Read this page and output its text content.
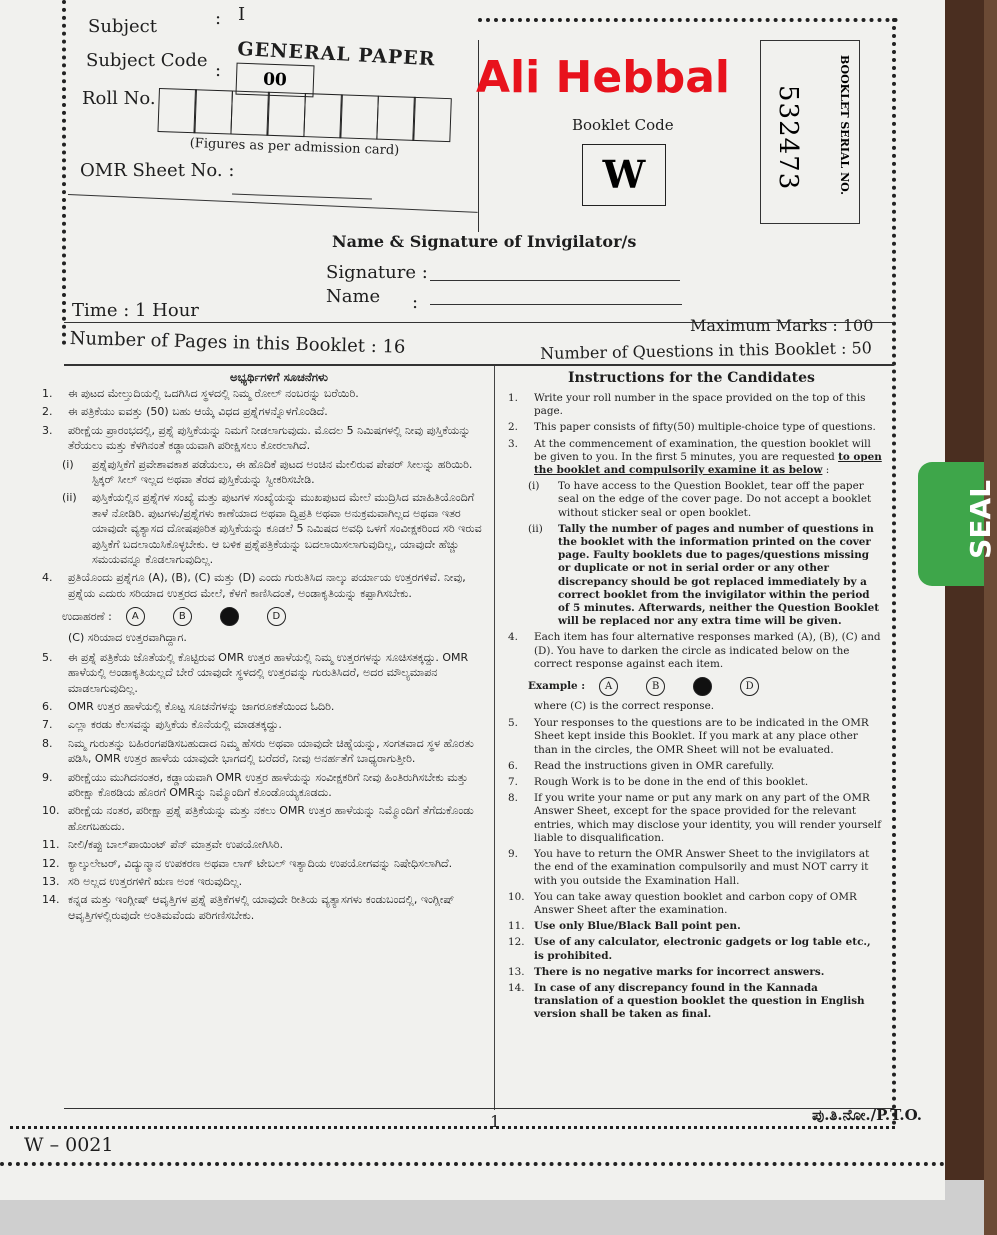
I
Subject	:
GENERAL PAPER
Subject Code :	00
Roll No.
(Figures as per admission card)
OMR Sheet No. :
Ali Hebbal
Booklet Code
W	532473	BOOKLET SERIAL NO.
Name & Signature of Invigilator/s
Signature :
Name :
Time : 1 Hour
Maximum Marks : 100
Number of Pages in this Booklet : 16	Number of Questions in this Booklet : 50
ಅಭ್ಯರ್ಥಿಗಳಿಗೆ ಸೂಚನೆಗಳು
1.	ಈ ಪುಟದ ಮೇಲ್ತುದಿಯಲ್ಲಿ ಒದಗಿಸಿದ ಸ್ಥಳದಲ್ಲಿ ನಿಮ್ಮ ರೋಲ್ ನಂಬರನ್ನು ಬರೆಯಿರಿ.
2.	ಈ ಪತ್ರಿಕೆಯು ಐವತ್ತು (50) ಬಹು ಆಯ್ಕೆ ವಿಧದ ಪ್ರಶ್ನೆಗಳನ್ನೊಳಗೊಂಡಿದೆ.
3.	ಪರೀಕ್ಷೆಯ ಪ್ರಾರಂಭದಲ್ಲಿ, ಪ್ರಶ್ನೆ ಪುಸ್ತಿಕೆಯನ್ನು ನಿಮಗೆ ನೀಡಲಾಗುವುದು. ಮೊದಲ 5 ನಿಮಿಷಗಳಲ್ಲಿ ನೀವು ಪುಸ್ತಿಕೆಯನ್ನು ತೆರೆಯಲು ಮತ್ತು ಕೆಳಗಿನಂತೆ ಕಡ್ಡಾಯವಾಗಿ ಪರೀಕ್ಷಿಸಲು ಕೋರಲಾಗಿದೆ.
(i)	ಪ್ರಶ್ನೆಪುಸ್ತಿಕೆಗೆ ಪ್ರವೇಶಾವಕಾಶ ಪಡೆಯಲು, ಈ ಹೊದಿಕೆ ಪುಟದ ಅಂಚಿನ ಮೇಲಿರುವ ಪೇಪರ್ ಸೀಲನ್ನು ಹರಿಯಿರಿ. ಸ್ಟಿಕ್ಕರ್ ಸೀಲ್ ಇಲ್ಲದ ಅಥವಾ ತೆರದ ಪುಸ್ತಿಕೆಯನ್ನು ಸ್ವೀಕರಿಸಬೇಡಿ.
(ii)	ಪುಸ್ತಿಕೆಯಲ್ಲಿನ ಪ್ರಶ್ನೆಗಳ ಸಂಖ್ಯೆ ಮತ್ತು ಪುಟಗಳ ಸಂಖ್ಯೆಯನ್ನು ಮುಖಪುಟದ ಮೇಲೆ ಮುದ್ರಿಸಿದ ಮಾಹಿತಿಯೊಂದಿಗೆ ತಾಳೆ ನೋಡಿರಿ. ಪುಟಗಳು/ಪ್ರಶ್ನೆಗಳು ಕಾಣೆಯಾದ ಅಥವಾ ದ್ವಿಪ್ರತಿ ಅಥವಾ ಅನುಕ್ರಮವಾಗಿಲ್ಲದ ಅಥವಾ ಇತರ ಯಾವುದೇ ವ್ಯತ್ಯಾಸದ ದೋಷಪೂರಿತ ಪುಸ್ತಿಕೆಯನ್ನು ಕೂಡಲೆ 5 ನಿಮಿಷದ ಅವಧಿ ಒಳಗೆ ಸಂವೀಕ್ಷಕರಿಂದ ಸರಿ ಇರುವ ಪುಸ್ತಿಕೆಗೆ ಬದಲಾಯಿಸಿಕೊಳ್ಳಬೇಕು. ಆ ಬಳಿಕ ಪ್ರಶ್ನೆಪತ್ರಿಕೆಯನ್ನು ಬದಲಾಯಿಸಲಾಗುವುದಿಲ್ಲ, ಯಾವುದೇ ಹೆಚ್ಚು ಸಮಯವನ್ನೂ ಕೊಡಲಾಗುವುದಿಲ್ಲ.
4.	ಪ್ರತಿಯೊಂದು ಪ್ರಶ್ನೆಗೂ (A), (B), (C) ಮತ್ತು (D) ಎಂದು ಗುರುತಿಸಿದ ನಾಲ್ಕು ಪರ್ಯಾಯ ಉತ್ತರಗಳಿವೆ. ನೀವು, ಪ್ರಶ್ನೆಯ ಎದುರು ಸರಿಯಾದ ಉತ್ತರದ ಮೇಲೆ, ಕೆಳಗೆ ಕಾಣಿಸಿದಂತೆ, ಅಂಡಾಕೃತಿಯನ್ನು ಕಪ್ಪಾಗಿಸಬೇಕು.
ಉದಾಹರಣೆ :	A	B	D
(C) ಸರಿಯಾದ ಉತ್ತರವಾಗಿದ್ದಾಗ.
5.	ಈ ಪ್ರಶ್ನೆ ಪತ್ರಿಕೆಯ ಜೊತೆಯಲ್ಲಿ ಕೊಟ್ಟಿರುವ OMR ಉತ್ತರ ಹಾಳೆಯಲ್ಲಿ ನಿಮ್ಮ ಉತ್ತರಗಳನ್ನು ಸೂಚಿಸತಕ್ಕದ್ದು. OMR ಹಾಳೆಯಲ್ಲಿ ಅಂಡಾಕೃತಿಯಲ್ಲದೆ ಬೇರೆ ಯಾವುದೇ ಸ್ಥಳದಲ್ಲಿ ಉತ್ತರವನ್ನು ಗುರುತಿಸಿದರೆ, ಅದರ ಮೌಲ್ಯಮಾಪನ ಮಾಡಲಾಗುವುದಿಲ್ಲ.
6.	OMR ಉತ್ತರ ಹಾಳೆಯಲ್ಲಿ ಕೊಟ್ಟ ಸೂಚನೆಗಳನ್ನು ಜಾಗರೂಕತೆಯಿಂದ ಓದಿರಿ.
7.	ಎಲ್ಲಾ ಕರಡು ಕೆಲಸವನ್ನು ಪುಸ್ತಿಕೆಯ ಕೊನೆಯಲ್ಲಿ ಮಾಡತಕ್ಕದ್ದು.
8.	ನಿಮ್ಮ ಗುರುತನ್ನು ಬಹಿರಂಗಪಡಿಸಬಹುದಾದ ನಿಮ್ಮ ಹೆಸರು ಅಥವಾ ಯಾವುದೇ ಚಿಹ್ನೆಯನ್ನು, ಸಂಗತವಾದ ಸ್ಥಳ ಹೊರತು ಪಡಿಸಿ, OMR ಉತ್ತರ ಹಾಳೆಯ ಯಾವುದೇ ಭಾಗದಲ್ಲಿ ಬರೆದರೆ, ನೀವು ಅನರ್ಹತೆಗೆ ಬಾಧ್ಯರಾಗುತ್ತೀರಿ.
9.	ಪರೀಕ್ಷೆಯು ಮುಗಿದನಂತರ, ಕಡ್ಡಾಯವಾಗಿ OMR ಉತ್ತರ ಹಾಳೆಯನ್ನು ಸಂವೀಕ್ಷಕರಿಗೆ ನೀವು ಹಿಂತಿರುಗಿಸಬೇಕು ಮತ್ತು ಪರೀಕ್ಷಾ ಕೊಠಡಿಯ ಹೊರಗೆ OMRನ್ನು ನಿಮ್ಮೊಂದಿಗೆ ಕೊಂಡೊಯ್ಯಕೂಡದು.
10. ಪರೀಕ್ಷೆಯ ನಂತರ, ಪರೀಕ್ಷಾ ಪ್ರಶ್ನೆ ಪತ್ರಿಕೆಯನ್ನು ಮತ್ತು ನಕಲು OMR ಉತ್ತರ ಹಾಳೆಯನ್ನು ನಿಮ್ಮೊಂದಿಗೆ ತೆಗೆದುಕೊಂಡು ಹೋಗಬಹುದು.
11. ನೀಲಿ/ಕಪ್ಪು ಬಾಲ್‌ಪಾಯಿಂಟ್ ಪೆನ್ ಮಾತ್ರವೇ ಉಪಯೋಗಿಸಿರಿ.
12. ಕ್ಯಾಲ್ಕುಲೇಟರ್, ವಿದ್ಯುನ್ಮಾನ ಉಪಕರಣ ಅಥವಾ ಲಾಗ್ ಟೇಬಲ್ ಇತ್ಯಾದಿಯ ಉಪಯೋಗವನ್ನು ನಿಷೇಧಿಸಲಾಗಿದೆ.
13. ಸರಿ ಅಲ್ಲದ ಉತ್ತರಗಳಿಗೆ ಋಣ ಅಂಕ ಇರುವುದಿಲ್ಲ.
14. ಕನ್ನಡ ಮತ್ತು ಇಂಗ್ಲೀಷ್ ಆವೃತ್ತಿಗಳ ಪ್ರಶ್ನೆ ಪತ್ರಿಕೆಗಳಲ್ಲಿ ಯಾವುದೇ ರೀತಿಯ ವ್ಯತ್ಯಾಸಗಳು ಕಂಡುಬಂದಲ್ಲಿ, ಇಂಗ್ಲೀಷ್ ಆವೃತ್ತಿಗಳಲ್ಲಿರುವುದೇ ಅಂತಿಮವೆಂದು ಪರಿಗಣಿಸಬೇಕು.
Instructions for the Candidates
1.	Write your roll number in the space provided on the top of this page.
2.	This paper consists of fifty(50) multiple-choice type of questions.
3.	At the commencement of examination, the question booklet will be given to you. In the first 5 minutes, you are requested to open the booklet and compulsorily examine it as below :
(i)	To have access to the Question Booklet, tear off the paper seal on the edge of the cover page. Do not accept a booklet without sticker seal or open booklet.
(ii)	Tally the number of pages and number of questions in the booklet with the information printed on the cover page. Faulty booklets due to pages/questions missing or duplicate or not in serial order or any other discrepancy should be got replaced immediately by a correct booklet from the invigilator within the period of 5 minutes. Afterwards, neither the Question Booklet will be replaced nor any extra time will be given.
4.	Each item has four alternative responses marked (A), (B), (C) and (D). You have to darken the circle as indicated below on the correct response against each item.
Example :	A	B	D
where (C) is the correct response.
5.	Your responses to the questions are to be indicated in the OMR Sheet kept inside this Booklet. If you mark at any place other than in the circles, the OMR Sheet will not be evaluated.
6.	Read the instructions given in OMR carefully.
7.	Rough Work is to be done in the end of this booklet.
8.	If you write your name or put any mark on any part of the OMR Answer Sheet, except for the space provided for the relevant entries, which may disclose your identity, you will render yourself liable to disqualification.
9.	You have to return the OMR Answer Sheet to the invigilators at the end of the examination compulsorily and must NOT carry it with you outside the Examination Hall.
10. You can take away question booklet and carbon copy of OMR Answer Sheet after the examination.
11. Use only Blue/Black Ball point pen.
12. Use of any calculator, electronic gadgets or log table etc., is prohibited.
13. There is no negative marks for incorrect answers.
14. In case of any discrepancy found in the Kannada translation of a question booklet the question in English version shall be taken as final.
1	ಪು.ತಿ.ನೋ./P.T.O.
W – 0021
SEAL
